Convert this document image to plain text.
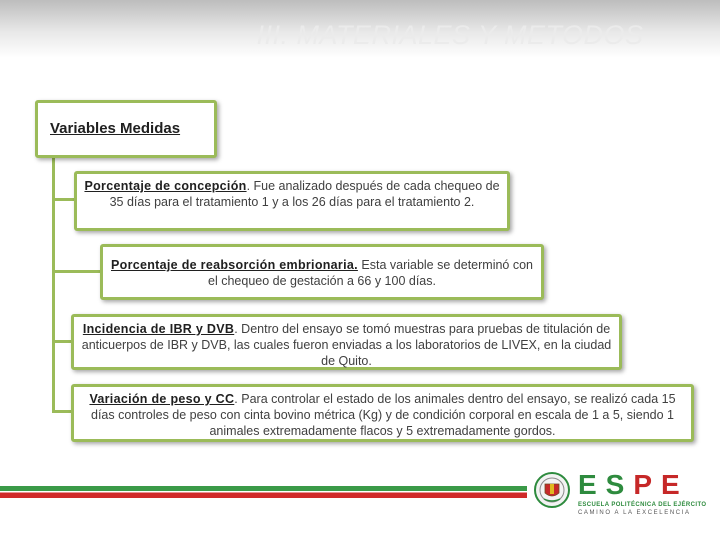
III. MATERIALES Y METODOS
Variables Medidas
Porcentaje de concepción. Fue analizado después de cada chequeo de 35 días para el tratamiento 1 y a los 26 días para el tratamiento 2.
Porcentaje de reabsorción embrionaria. Esta variable se determinó con el chequeo de gestación a 66 y 100 días.
Incidencia de IBR y DVB. Dentro del ensayo se tomó muestras para pruebas de titulación de anticuerpos de IBR y DVB, las cuales fueron enviadas a los laboratorios de LIVEX, en la ciudad de Quito.
Variación de peso y CC. Para controlar el estado de los animales dentro del ensayo, se realizó cada 15 días controles de peso con cinta bovino métrica (Kg) y de condición corporal en escala de 1 a 5, siendo 1 animales extremadamente flacos y 5 extremadamente gordos.
ESPE
ESCUELA POLITÉCNICA DEL EJÉRCITO
CAMINO A LA EXCELENCIA
